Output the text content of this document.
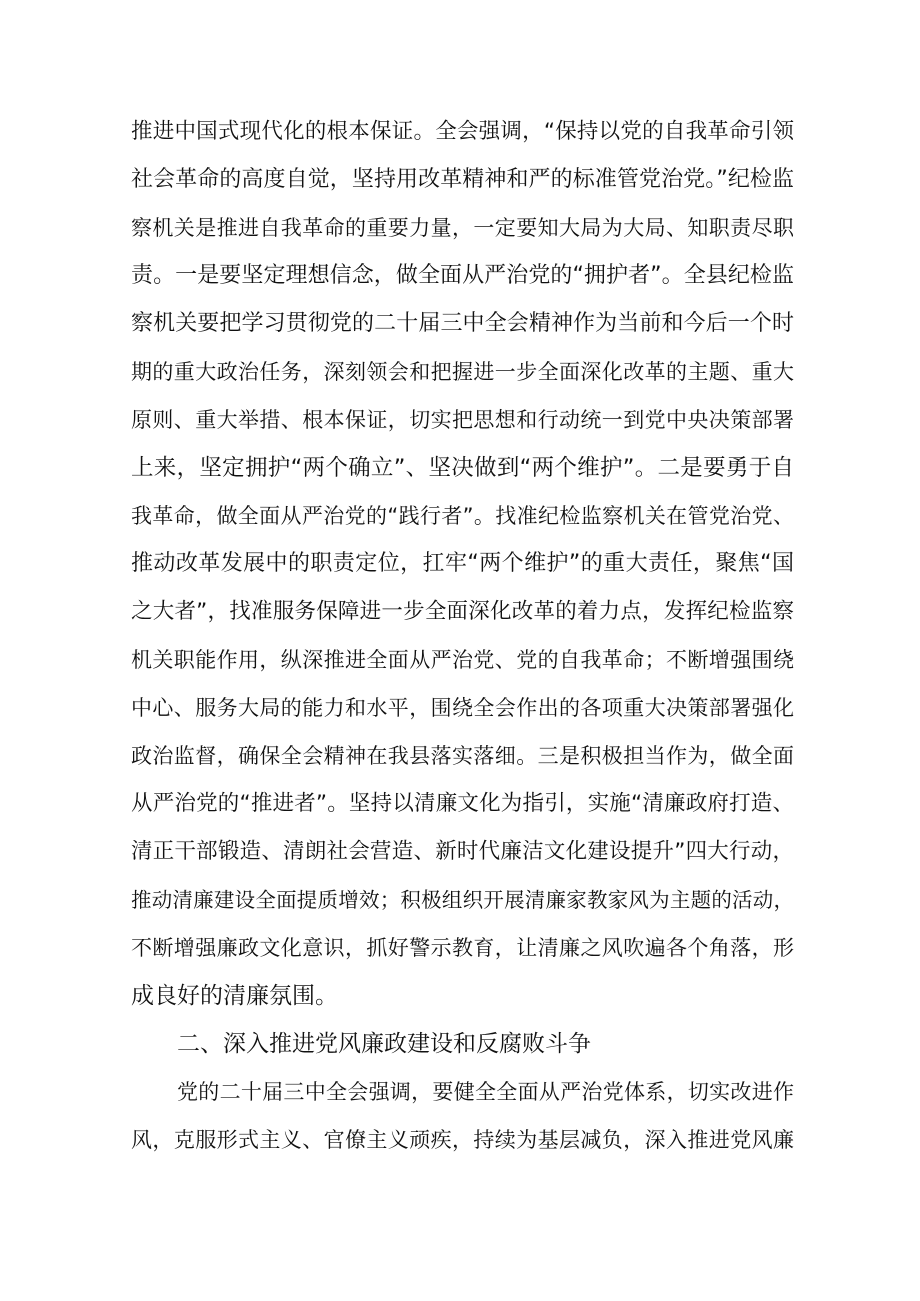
推进中国式现代化的根本保证。全会强调，“保持以党的自我革命引领
社会革命的高度自觉，坚持用改革精神和严的标准管党治党。”纪检监
察机关是推进自我革命的重要力量，一定要知大局为大局、知职责尽职
责。一是要坚定理想信念，做全面从严治党的“拥护者”。全县纪检监
察机关要把学习贯彻党的二十届三中全会精神作为当前和今后一个时
期的重大政治任务，深刻领会和把握进一步全面深化改革的主题、重大
原则、重大举措、根本保证，切实把思想和行动统一到党中央决策部署
上来，坚定拥护“两个确立”、坚决做到“两个维护”。二是要勇于自
我革命，做全面从严治党的“践行者”。找准纪检监察机关在管党治党、
推动改革发展中的职责定位，扛牢“两个维护”的重大责任，聚焦“国
之大者”，找准服务保障进一步全面深化改革的着力点，发挥纪检监察
机关职能作用，纵深推进全面从严治党、党的自我革命；不断增强围绕
中心、服务大局的能力和水平，围绕全会作出的各项重大决策部署强化
政治监督，确保全会精神在我县落实落细。三是积极担当作为，做全面
从严治党的“推进者”。坚持以清廉文化为指引，实施“清廉政府打造、
清正干部锻造、清朗社会营造、新时代廉洁文化建设提升”四大行动，
推动清廉建设全面提质增效；积极组织开展清廉家教家风为主题的活动，
不断增强廉政文化意识，抓好警示教育，让清廉之风吹遍各个角落，形
成良好的清廉氛围。
二、深入推进党风廉政建设和反腐败斗争
党的二十届三中全会强调，要健全全面从严治党体系，切实改进作
风，克服形式主义、官僚主义顽疾，持续为基层减负，深入推进党风廉
